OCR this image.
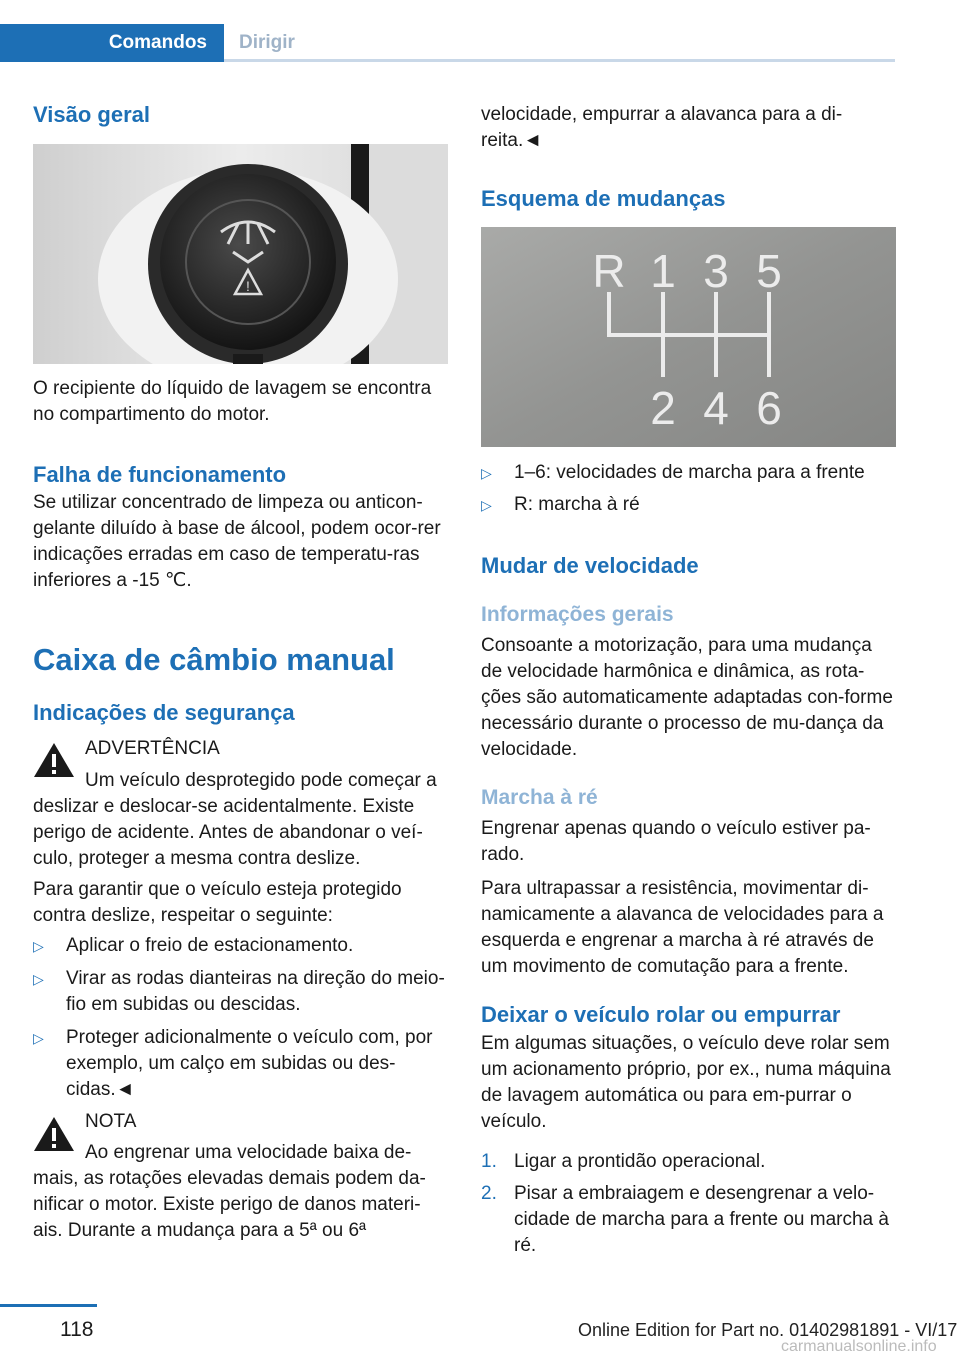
Comandos	Dirigir
Visão geral
!

O recipiente do líquido de lavagem se encontra no compartimento do motor.

Falha de funcionamento

Se utilizar concentrado de limpeza ou anticon-gelante diluído à base de álcool, podem ocor-rer indicações erradas em caso de temperatu-ras inferiores a -15 ℃.

Caixa de câmbio manual
Indicações de segurança
ADVERTÊNCIA

Um veículo desprotegido pode começar a deslizar e deslocar-se acidentalmente. Existe perigo de acidente. Antes de abandonar o veí-culo, proteger a mesma contra deslize.

Para garantir que o veículo esteja protegido contra deslize, respeitar o seguinte:

▷ Aplicar o freio de estacionamento.
▷ Virar as rodas dianteiras na direção do meio-fio em subidas ou descidas.
▷ Proteger adicionalmente o veículo com, por exemplo, um calço em subidas ou des-cidas.◄
NOTA

Ao engrenar uma velocidade baixa de-mais, as rotações elevadas demais podem da-nificar o motor. Existe perigo de danos materi-ais. Durante a mudança para a 5ª ou 6ª

velocidade, empurrar a alavanca para a di-reita.◄

Esquema de mudanças
R 1 3 5
2 4 6
▷ 1–6: velocidades de marcha para a frente
▷ R: marcha à ré
Mudar de velocidade
Informações gerais

Consoante a motorização, para uma mudança de velocidade harmônica e dinâmica, as rota-ções são automaticamente adaptadas con-forme necessário durante o processo de mu-dança da velocidade.

Marcha à ré

Engrenar apenas quando o veículo estiver pa-rado.

Para ultrapassar a resistência, movimentar di-namicamente a alavanca de velocidades para a esquerda e engrenar a marcha à ré através de um movimento de comutação para a frente.

Deixar o veículo rolar ou empurrar

Em algumas situações, o veículo deve rolar sem um acionamento próprio, por ex., numa máquina de lavagem automática ou para em-purrar o veículo.

1. Ligar a prontidão operacional.
2. Pisar a embraiagem e desengrenar a velo-cidade de marcha para a frente ou marcha à ré.
118	Online Edition for Part no. 01402981891 - VI/17
carmanualsonline.info
